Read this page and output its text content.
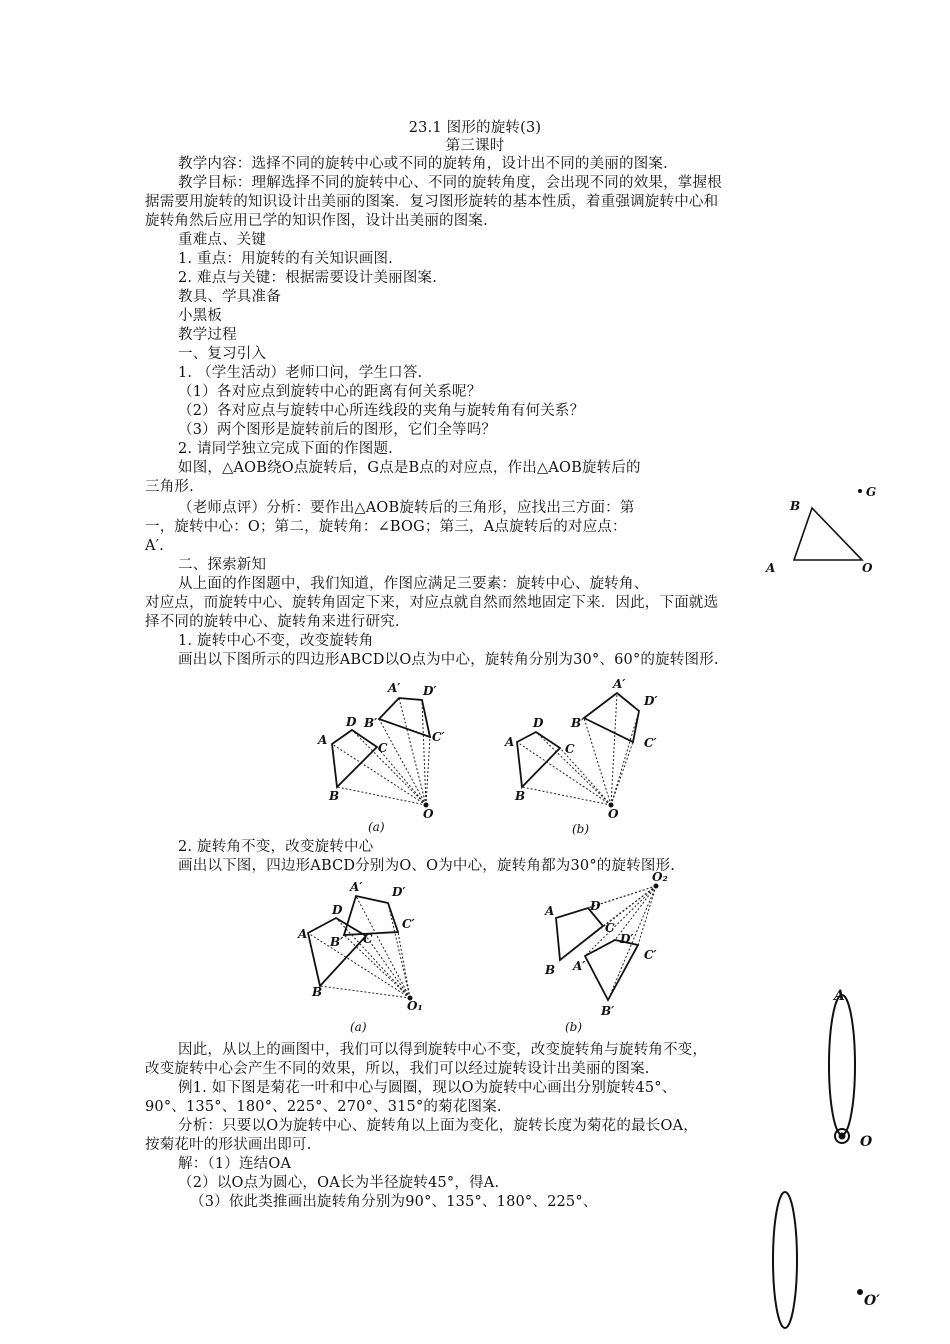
23.1 图形的旋转(3)
第三课时
教学内容：选择不同的旋转中心或不同的旋转角，设计出不同的美丽的图案.
教学目标：理解选择不同的旋转中心、不同的旋转角度，会出现不同的效果，掌握根
据需要用旋转的知识设计出美丽的图案．复习图形旋转的基本性质，着重强调旋转中心和
旋转角然后应用已学的知识作图，设计出美丽的图案.
重难点、关键
1. 重点：用旋转的有关知识画图.
2. 难点与关键：根据需要设计美丽图案.
教具、学具准备
小黑板
教学过程
一、复习引入
1. （学生活动）老师口问，学生口答.
（1）各对应点到旋转中心的距离有何关系呢？
（2）各对应点与旋转中心所连线段的夹角与旋转角有何关系？
（3）两个图形是旋转前后的图形，它们全等吗？
2. 请同学独立完成下面的作图题.
如图，△AOB绕O点旋转后，G点是B点的对应点，作出△AOB旋转后的
三角形.
（老师点评）分析：要作出△AOB旋转后的三角形，应找出三方面：第
一，旋转中心：O；第二，旋转角：∠BOG；第三，A点旋转后的对应点：
A′.
二、探索新知
从上面的作图题中，我们知道，作图应满足三要素：旋转中心、旋转角、
对应点，而旋转中心、旋转角固定下来，对应点就自然而然地固定下来．因此，下面就选
择不同的旋转中心、旋转角来进行研究.
1. 旋转中心不变，改变旋转角
画出以下图所示的四边形ABCD以O点为中心，旋转角分别为30°、60°的旋转图形.
G
B
A	O
A
D
C
B
B′
A′ D′
C′
O
(a)
A
D
C
B
B′
A′
D′
C′
O
(b)
2. 旋转角不变，改变旋转中心
画出以下图，四边形ABCD分别为O、O为中心，旋转角都为30°的旋转图形.
A
D
C
B
B′
A′ D′
C′
O₁
(a)
O₂
A	D
C
B
D′
A′
C′
B′
(b)
因此，从以上的画图中，我们可以得到旋转中心不变，改变旋转角与旋转角不变，
改变旋转中心会产生不同的效果，所以，我们可以经过旋转设计出美丽的图案.
例1. 如下图是菊花一叶和中心与圆圈，现以O为旋转中心画出分别旋转45°、
90°、135°、180°、225°、270°、315°的菊花图案.
分析：只要以O为旋转中心、旋转角以上面为变化，旋转长度为菊花的最长OA，
按菊花叶的形状画出即可.
解：（1）连结OA
（2）以O点为圆心，OA长为半径旋转45°，得A.
（3）依此类推画出旋转角分别为90°、135°、180°、225°、
A
O
O′
